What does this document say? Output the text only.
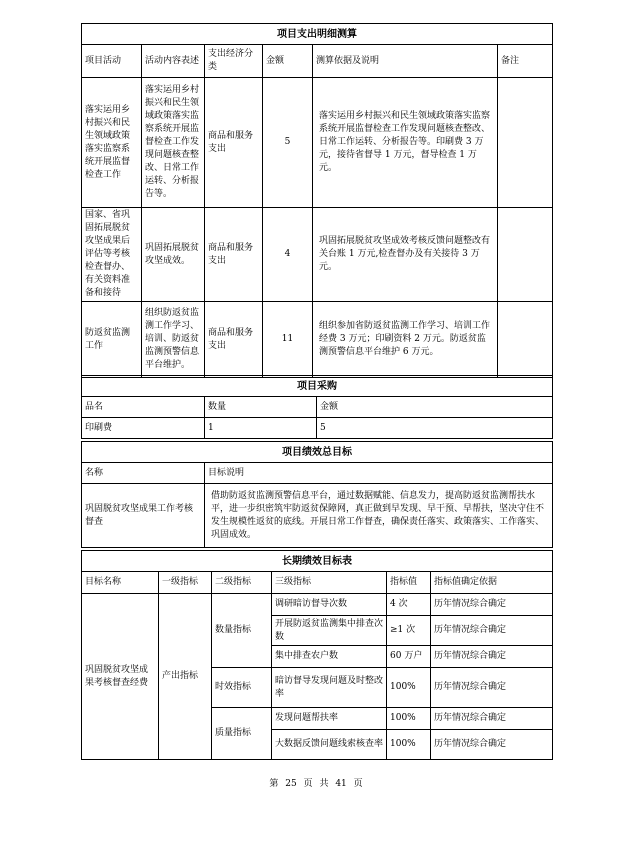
项目支出明细测算					
项目活动	活动内容表述	支出经济分类	金额	测算依据及说明	备注
落实运用乡村振兴和民生领域政策落实监察系统开展监督检查工作	落实运用乡村振兴和民生领域政策落实监察系统开展监督检查工作发现问题核查整改、日常工作运转、分析报告等。	商品和服务支出	5	落实运用乡村振兴和民生领域政策落实监察系统开展监督检查工作发现问题核查整改、日常工作运转、分析报告等。印刷费 3 万元，接待省督导 1 万元，督导检查 1 万元。	
国家、省巩固拓展脱贫攻坚成果后评估等考核检查督办、有关资料准备和接待	巩固拓展脱贫攻坚成效。	商品和服务支出	4	巩固拓展脱贫攻坚成效考核反馈问题整改有关台账 1 万元,检查督办及有关接待 3 万元。	
防返贫监测工作	组织防返贫监测工作学习、培训、防返贫监测预警信息平台维护。	商品和服务支出	11	组织参加省防返贫监测工作学习、培训工作经费 3 万元；印刷资料 2 万元。防返贫监测预警信息平台维护 6 万元。	
项目采购		
品名	数量	金额
印刷费	1	5
项目绩效总目标	
名称	目标说明
巩固脱贫攻坚成果工作考核督查	借助防返贫监测预警信息平台，通过数据赋能、信息发力，提高防返贫监测帮扶水平，进一步织密筑牢防返贫保障网，真正做到早发现、早干预、早帮扶，坚决守住不发生规模性返贫的底线。开展日常工作督查，确保责任落实、政策落实、工作落实、巩固成效。
长期绩效目标表					
目标名称	一级指标	二级指标	三级指标	指标值	指标值确定依据
巩固脱贫攻坚成果考核督查经费	产出指标	数量指标	调研暗访督导次数	4 次	历年情况综合确定
			开展防返贫监测集中排查次数	≥1 次	历年情况综合确定
			集中排查农户数	60 万户	历年情况综合确定
		时效指标	暗访督导发现问题及时整改率	100%	历年情况综合确定
		质量指标	发现问题帮扶率	100%	历年情况综合确定
			大数据反馈问题线索核查率	100%	历年情况综合确定
第 25 页 共 41 页
